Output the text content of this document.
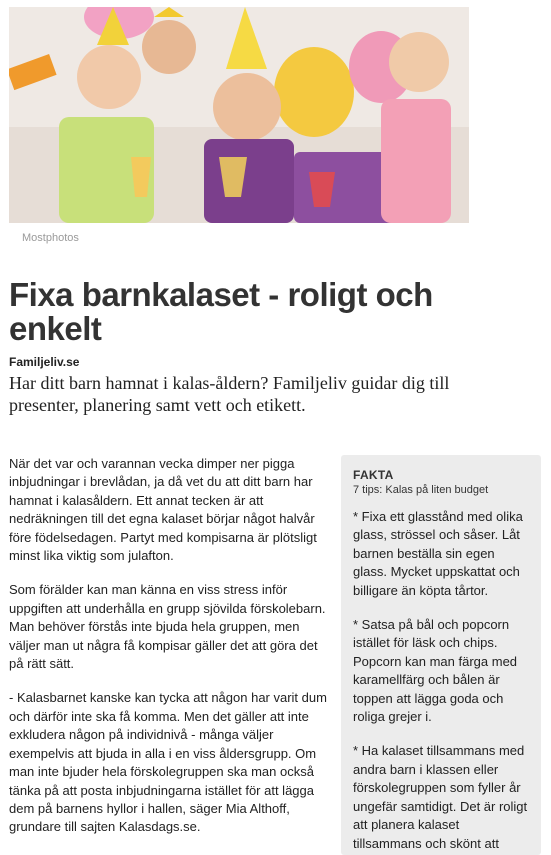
Mostphotos
Fixa barnkalaset - roligt och enkelt
Familjeliv.se

Har ditt barn hamnat i kalas-åldern? Familjeliv guidar dig till presenter, planering samt vett och etikett.

När det var och varannan vecka dimper ner pigga inbjudningar i brevlådan, ja då vet du att ditt barn har hamnat i kalasåldern. Ett annat tecken är att nedräkningen till det egna kalaset börjar något halvår före födelsedagen. Partyt med kompisarna är plötsligt minst lika viktig som julafton.

Som förälder kan man känna en viss stress inför uppgiften att underhålla en grupp sjövilda förskolebarn. Man behöver förstås inte bjuda hela gruppen, men väljer man ut några få kompisar gäller det att göra det på rätt sätt.

- Kalasbarnet kanske kan tycka att någon har varit dum och därför inte ska få komma. Men det gäller att inte exkludera någon på individnivå - många väljer exempelvis att bjuda in alla i en viss åldersgrupp. Om man inte bjuder hela förskolegruppen ska man också tänka på att posta inbjudningarna istället för att lägga dem på barnens hyllor i hallen, säger Mia Althoff, grundare till sajten Kalasdags.se.

FAKTA
7 tips: Kalas på liten budget
* Fixa ett glasstånd med olika glass, strössel och såser. Låt barnen beställa sin egen glass. Mycket uppskattat och billigare än köpta tårtor.
* Satsa på bål och popcorn istället för läsk och chips. Popcorn kan man färga med karamellfärg och bålen är toppen att lägga goda och roliga grejer i.
* Ha kalaset tillsammans med andra barn i klassen eller förskolegruppen som fyller år ungefär samtidigt. Det är roligt att planera kalaset tillsammans och skönt att
